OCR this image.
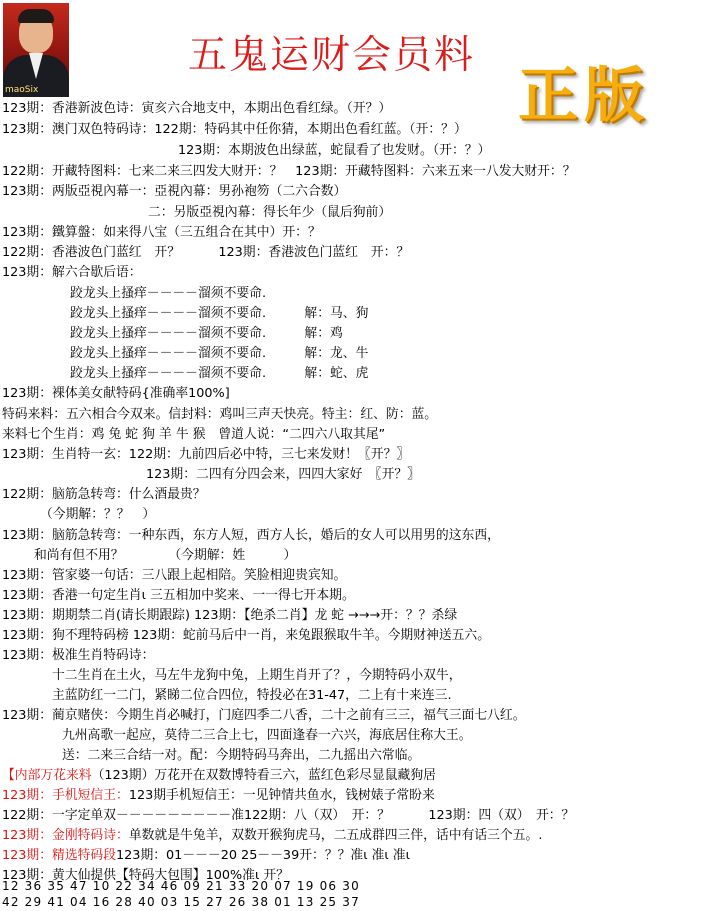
maoSix
五鬼运财会员料
正版
123期：香港新波色诗：寅亥六合地支中，本期出色看红绿。（开？）
123期：澳门双色特码诗：122期：特码其中任你猜，本期出色看红蓝。（开：？）
123期：本期波色出绿蓝，蛇鼠看了也发财。（开：？）
122期：开藏特图料：七来二来三四发大财开：？　123期：开藏特图料：六来五来一八发大财开：？
123期：两版亞視內幕一：亞視內幕：男孙袍笏（二六合数）
二：另版亞視內幕：得长年少（鼠后狗前）
123期：鐵算盤：如来得八宝（三五组合在其中）开：？
122期：香港波色门蓝红　开？　　　123期：香港波色门蓝红　开：？
123期：解六合歇后语：
跤龙头上搔痒－－－－溜须不要命.
跤龙头上搔痒－－－－溜须不要命.　　　解：马、狗
跤龙头上搔痒－－－－溜须不要命.　　　解：鸡
跤龙头上搔痒－－－－溜须不要命.　　　解：龙、牛
跤龙头上搔痒－－－－溜须不要命.　　　解：蛇、虎
123期：裸体美女献特码{准确率100%]
特码来料：五六相合今双来。信封料：鸡叫三声天快亮。特主：红、防：蓝。
来料七个生肖：鸡 兔 蛇 狗 羊 牛 猴　曾道人说：“二四六八取其尾”
123期：生肖特一玄：122期：九前四后必中特，三七来发财！〖开？〗
123期：二四有分四会来，四四大家好　〖开？〗
122期：脑筋急转弯：什么酒最贵？
（今期解：？？　）
123期：脑筋急转弯：一种东西，东方人短，西方人长，婚后的女人可以用男的这东西，
和尚有但不用？　　　　（今期解：姓　　　）
123期：管家婆一句话：三八跟上起相陪。笑脸相迎贵宾知。
123期：香港一句定生肖ι 三五相加中奖来、一一得七开本期。
123期：期期禁二肖(请长期跟踪) 123期：【绝杀二肖】龙 蛇 →→→开：？？杀绿
123期：狗不理特码榜 123期：蛇前马后中一肖，来兔跟猴取牛羊。今期财神送五六。
123期：极准生肖特码诗：
十二生肖在土火，马左牛龙狗中兔，上期生肖开了？，今期特码小双牛，
主蓝防红一二门，紧睇二位合四位，特投必在31-47，二上有十来连三.
123期：蔺京赌侠：今期生肖必喊打，门庭四季二八香，二十之前有三三，福气三面七八红。
九州高歌一起应，莫待二三合上七，四面逢春一六兴，海底居住称大王。
送：二来三合结一对。配：今期特码马奔出，二九摇出六常临。
【内部万花来料（123期）万花开在双数博特看三六，蓝红色彩尽显鼠藏狗居
123期：手机短信王：123期手机短信王：一见钟情共鱼水，钱树婊子常盼来
122期：一字定单双－－－－－－－－－准122期：八（双）　开：？　　　123期：四（双）　开：？
123期：金刚特码诗：单数就是牛兔羊，双数开猴狗虎马，二五成群四三伴，话中有话三个五。.
123期：精选特码段123期：01－－－20 25－－39开：？？准ι 准ι 准ι
123期：黄大仙提供【特码大包围】100%准ι 开？
12 36 35 47 10 22 34 46 09 21 33 20 07 19 06 30
42 29 41 04 16 28 40 03 15 27 26 38 01 13 25 37
